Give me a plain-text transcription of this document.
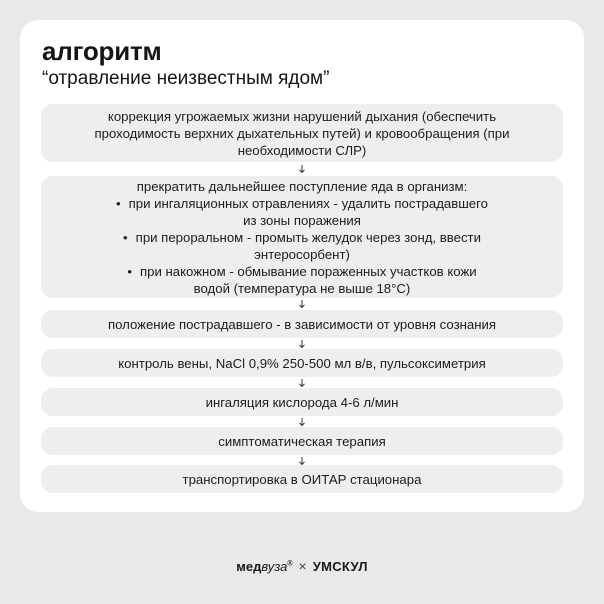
алгоритм
“отравление неизвестным ядом”
коррекция угрожаемых жизни нарушений дыхания (обеспечить
проходимость верхних дыхательных путей) и кровообращения (при
необходимости СЛР)
прекратить дальнейшее поступление яда в организм:
• при ингаляционных отравлениях - удалить пострадавшего
из зоны поражения
• при пероральном - промыть желудок через зонд, ввести
энтеросорбент)
• при накожном - обмывание пораженных участков кожи
водой (температура не выше 18°С)
положение пострадавшего - в зависимости от уровня сознания
контроль вены, NaCl 0,9% 250-500 мл в/в, пульсоксиметрия
ингаляция кислорода 4-6 л/мин
симптоматическая терапия
транспортировка в ОИТАР стационара
медвуза® × УМСКУЛ
